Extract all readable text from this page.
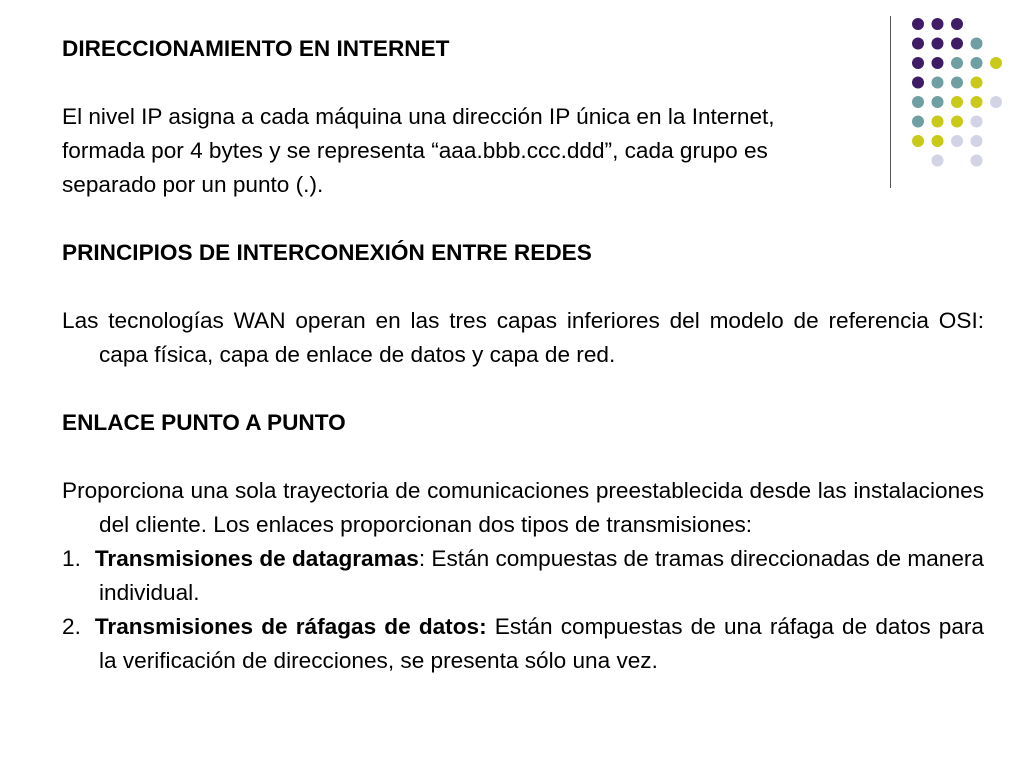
DIRECCIONAMIENTO EN INTERNET
El nivel IP asigna a cada máquina una dirección IP única en la Internet, formada por 4 bytes y se representa “aaa.bbb.ccc.ddd”, cada grupo es separado por un punto (.).
PRINCIPIOS DE INTERCONEXIÓN ENTRE REDES
Las tecnologías WAN operan en las tres capas inferiores del modelo de referencia OSI: capa física, capa de enlace de datos y capa de red.
ENLACE PUNTO A PUNTO
Proporciona una sola trayectoria de comunicaciones preestablecida desde las instalaciones del cliente. Los enlaces proporcionan dos tipos de transmisiones:
1. Transmisiones de datagramas: Están compuestas de tramas direccionadas de manera individual.
2. Transmisiones de ráfagas de datos: Están compuestas de una ráfaga de datos para la verificación de direcciones, se presenta sólo una vez.
